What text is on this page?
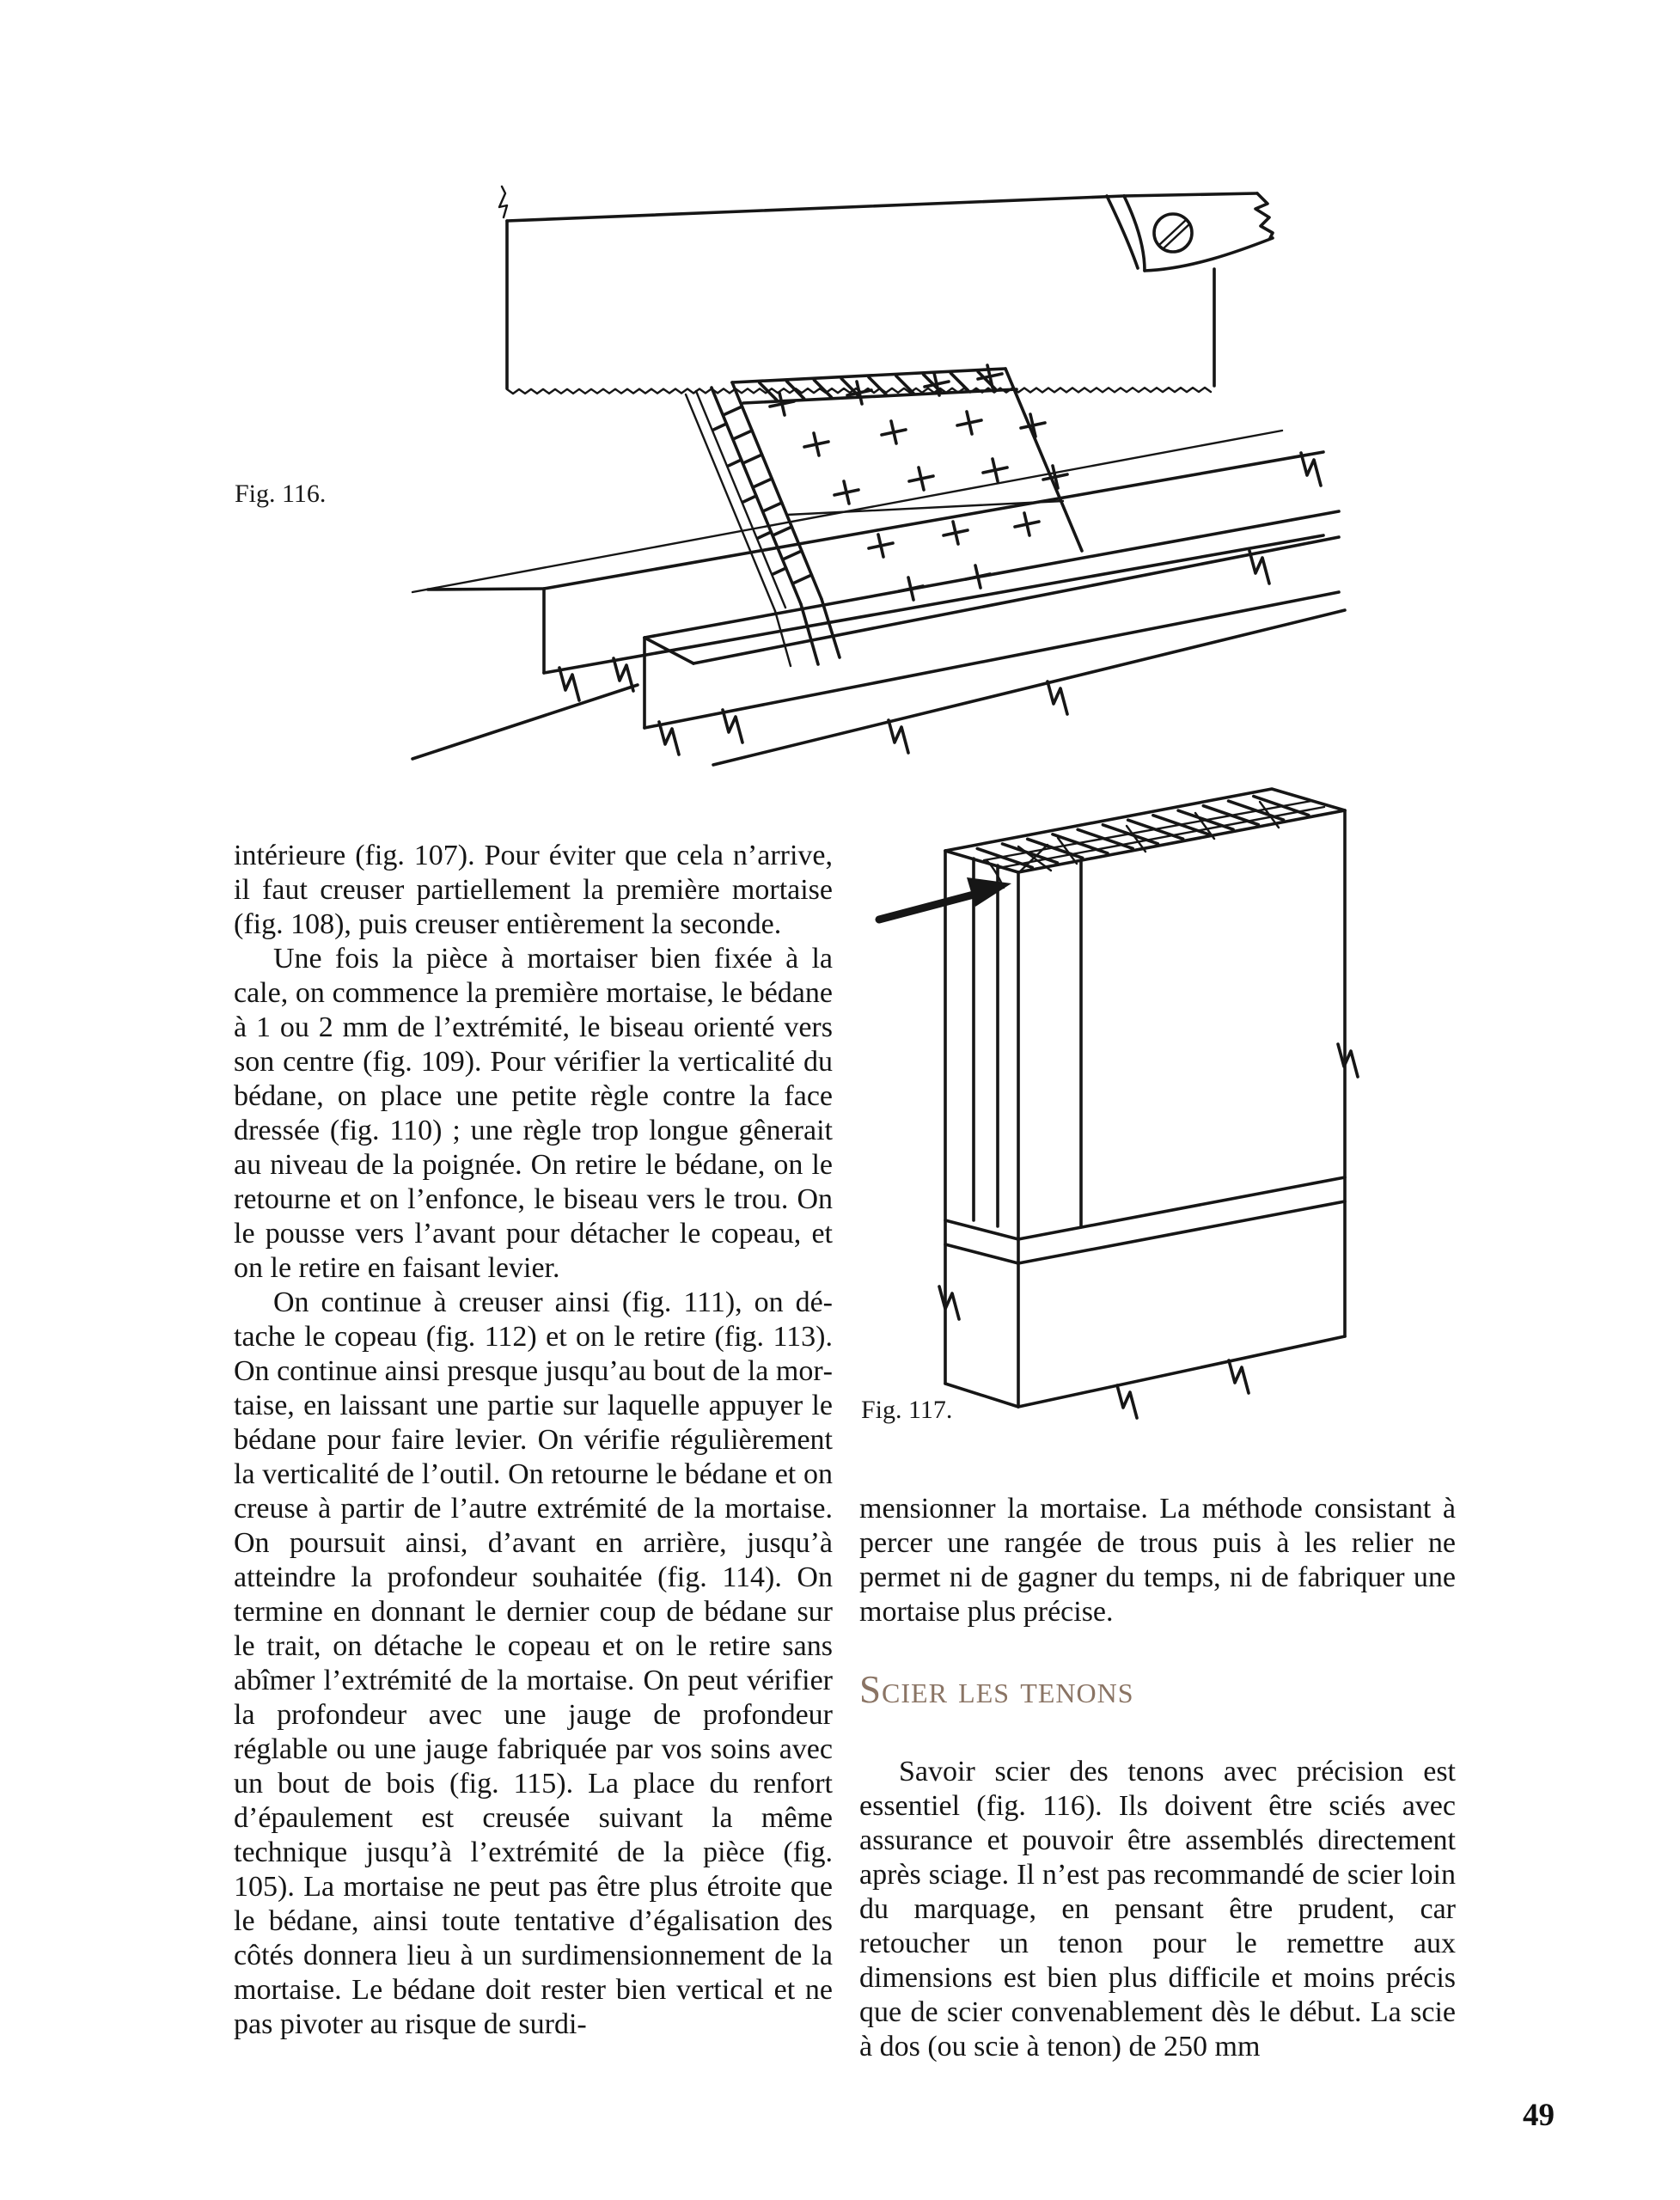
Fig. 116.
Fig. 117.

intérieure (fig. 107). Pour éviter que cela n’arrive, il faut creuser partiellement la première mortaise (fig. 108), puis creuser entièrement la seconde.

Une fois la pièce à mortaiser bien fixée à la cale, on commence la première mortaise, le bédane à 1 ou 2 mm de l’extrémité, le biseau orienté vers son centre (fig. 109). Pour vérifier la verticalité du bédane, on place une petite règle contre la face dressée (fig. 110) ; une règle trop longue gênerait au niveau de la poignée. On retire le bédane, on le retourne et on l’enfonce, le biseau vers le trou. On le pousse vers l’avant pour détacher le copeau, et on le retire en faisant levier.

On continue à creuser ainsi (fig. 111), on détache le copeau (fig. 112) et on le retire (fig. 113). On continue ainsi presque jusqu’au bout de la mortaise, en laissant une partie sur laquelle appuyer le bédane pour faire levier. On vérifie régulièrement la verticalité de l’outil. On retourne le bédane et on creuse à partir de l’autre extrémité de la mortaise. On poursuit ainsi, d’avant en arrière, jusqu’à atteindre la profondeur souhaitée (fig. 114). On termine en donnant le dernier coup de bédane sur le trait, on détache le copeau et on le retire sans abîmer l’extrémité de la mortaise. On peut vérifier la profondeur avec une jauge de profondeur réglable ou une jauge fabriquée par vos soins avec un bout de bois (fig. 115). La place du renfort d’épaulement est creusée suivant la même technique jusqu’à l’extrémité de la pièce (fig. 105). La mortaise ne peut pas être plus étroite que le bédane, ainsi toute tentative d’égalisation des côtés donnera lieu à un surdimensionnement de la mortaise. Le bédane doit rester bien vertical et ne pas pivoter au risque de surdi-

mensionner la mortaise. La méthode consistant à percer une rangée de trous puis à les relier ne permet ni de gagner du temps, ni de fabriquer une mortaise plus précise.

Scier les tenons

Savoir scier des tenons avec précision est essentiel (fig. 116). Ils doivent être sciés avec assurance et pouvoir être assemblés directement après sciage. Il n’est pas recommandé de scier loin du marquage, en pensant être prudent, car retoucher un tenon pour le remettre aux dimensions est bien plus difficile et moins précis que de scier convenablement dès le début. La scie à dos (ou scie à tenon) de 250 mm

49
